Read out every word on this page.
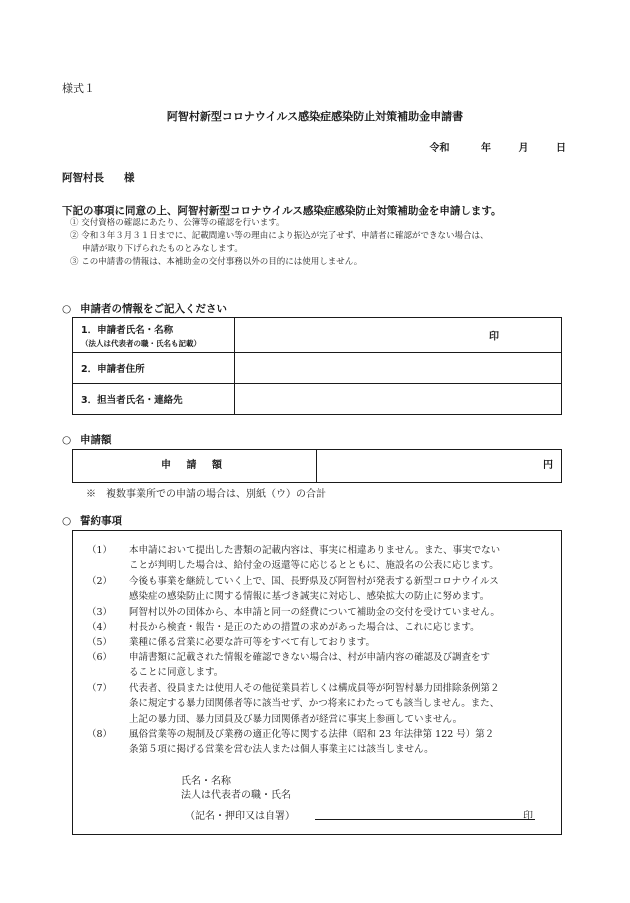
様式１
阿智村新型コロナウイルス感染症感染防止対策補助金申請書
令和	年	月	日
阿智村長 様
下記の事項に同意の上、阿智村新型コロナウイルス感染症感染防止対策補助金を申請します。
① 交付資格の確認にあたり、公簿等の確認を行います。
② 令和３年３月３１日までに、記載間違い等の理由により振込が完了せず、申請者に確認ができない場合は、
申請が取り下げられたものとみなします。
③ この申請書の情報は、本補助金の交付事務以外の目的には使用しません。
○ 申請者の情報をご記入ください
1．申請者氏名・名称
（法人は代表者の職・氏名も記載）	印

2．申請者住所	
3．担当者氏名・連絡先	
○ 申請額
申 請 額	円
※　複数事業所での申請の場合は、別紙（ウ）の合計
○ 誓約事項
（1）	本申請において提出した書類の記載内容は、事実に相違ありません。また、事実でない
ことが判明した場合は、給付金の返還等に応じるとともに、施設名の公表に応じます。
（2）	今後も事業を継続していく上で、国、長野県及び阿智村が発表する新型コロナウイルス
感染症の感染防止に関する情報に基づき誠実に対応し、感染拡大の防止に努めます。
（3）	阿智村以外の団体から、本申請と同一の経費について補助金の交付を受けていません。
（4）	村長から検査・報告・是正のための措置の求めがあった場合は、これに応じます。
（5）	業種に係る営業に必要な許可等をすべて有しております。
（6）	申請書類に記載された情報を確認できない場合は、村が申請内容の確認及び調査をす
ることに同意します。
（7）	代表者、役員または使用人その他従業員若しくは構成員等が阿智村暴力団排除条例第２
条に規定する暴力団関係者等に該当せず、かつ将来にわたっても該当しません。また、
上記の暴力団、暴力団員及び暴力団関係者が経営に事実上参画していません。
（8）	風俗営業等の規制及び業務の適正化等に関する法律（昭和 23 年法律第 122 号）第２
条第５項に掲げる営業を営む法人または個人事業主には該当しません。
氏名・名称
法人は代表者の職・氏名
（記名・押印又は自署）	印
